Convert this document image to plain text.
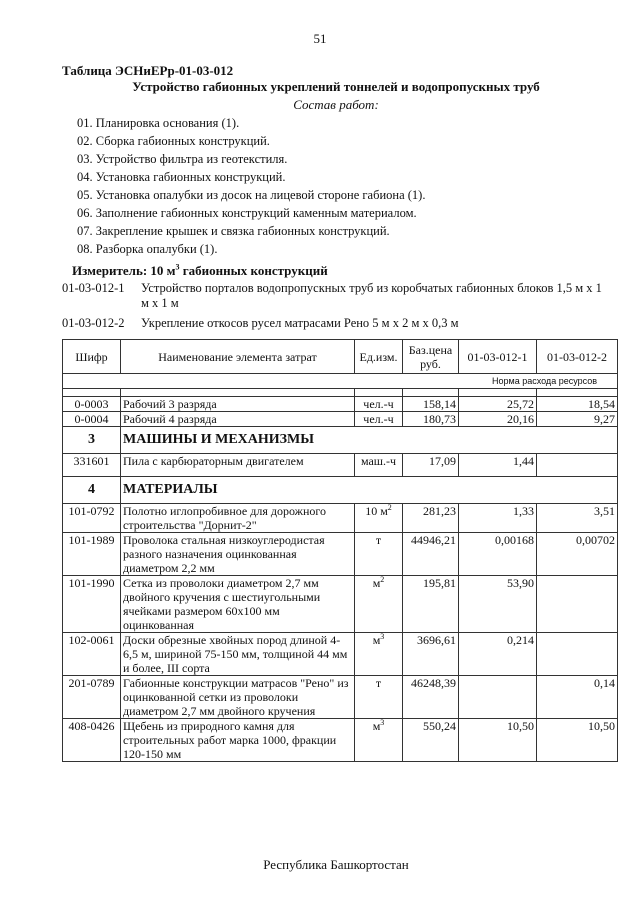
51
Таблица ЭСНиЕРр-01-03-012
Устройство габионных укреплений тоннелей и водопропускных труб
Состав работ:
01. Планировка основания (1).
02. Сборка габионных конструкций.
03. Устройство фильтра из геотекстиля.
04. Установка габионных конструкций.
05. Установка опалубки из досок на лицевой стороне габиона (1).
06. Заполнение габионных конструкций каменным материалом.
07. Закрепление крышек и связка габионных конструкций.
08. Разборка опалубки (1).
Измеритель: 10 $м^3$ габионных конструкций
01-03-012-1 Устройство порталов водопропускных труб из коробчатых габионных блоков 1,5 м х 1 м х 1 м
01-03-012-2 Укрепление откосов русел матрасами Рено 5 м х 2 м х 0,3 м
Шифр	Наименование элемента затрат	Ед.изм.	Баз.цена руб.	01-03-012-1	01-03-012-2
Норма расхода ресурсов					

0-0003	Рабочий 3 разряда	чел.-ч	158,14	25,72	18,54
0-0004	Рабочий 4 разряда	чел.-ч	180,73	20,16	9,27
3	МАШИНЫ И МЕХАНИЗМЫ				
331601	Пила с карбюраторным двигателем	маш.-ч	17,09	1,44	
4	МАТЕРИАЛЫ				
101-0792	Полотно иглопробивное для дорожного строительства "Дорнит-2"	10 $м^2$	281,23	1,33	3,51
101-1989	Проволока стальная низкоуглеродистая разного назначения оцинкованная диаметром 2,2 мм	т	44946,21	0,00168	0,00702
101-1990	Сетка из проволоки диаметром 2,7 мм двойного кручения с шестиугольными ячейками размером 60х100 мм оцинкованная	$м^2$	195,81	53,90	
102-0061	Доски обрезные хвойных пород длиной 4-6,5 м, шириной 75-150 мм, толщиной 44 мм и более, III сорта	$м^3$	3696,61	0,214	
201-0789	Габионные конструкции матрасов "Рено" из оцинкованной сетки из проволоки диаметром 2,7 мм двойного кручения	т	46248,39		0,14
408-0426	Щебень из природного камня для строительных работ марка 1000, фракции 120-150 мм	$м^3$	550,24	10,50	10,50
Республика Башкортостан
